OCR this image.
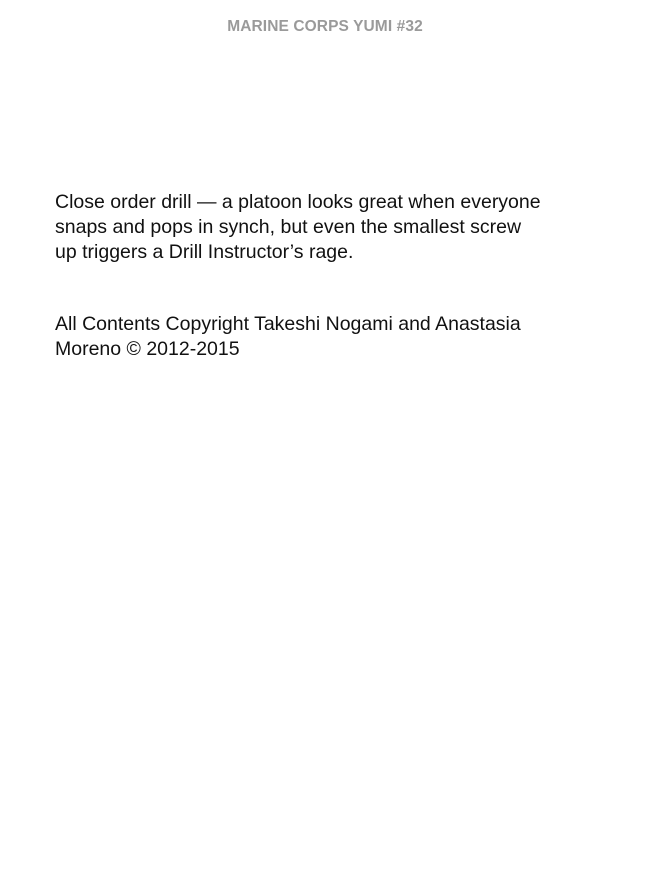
MARINE CORPS YUMI #32

Close order drill — a platoon looks great when everyone
snaps and pops in synch, but even the smallest screw
up triggers a Drill Instructor’s rage.

All Contents Copyright Takeshi Nogami and Anastasia
Moreno © 2012-2015
